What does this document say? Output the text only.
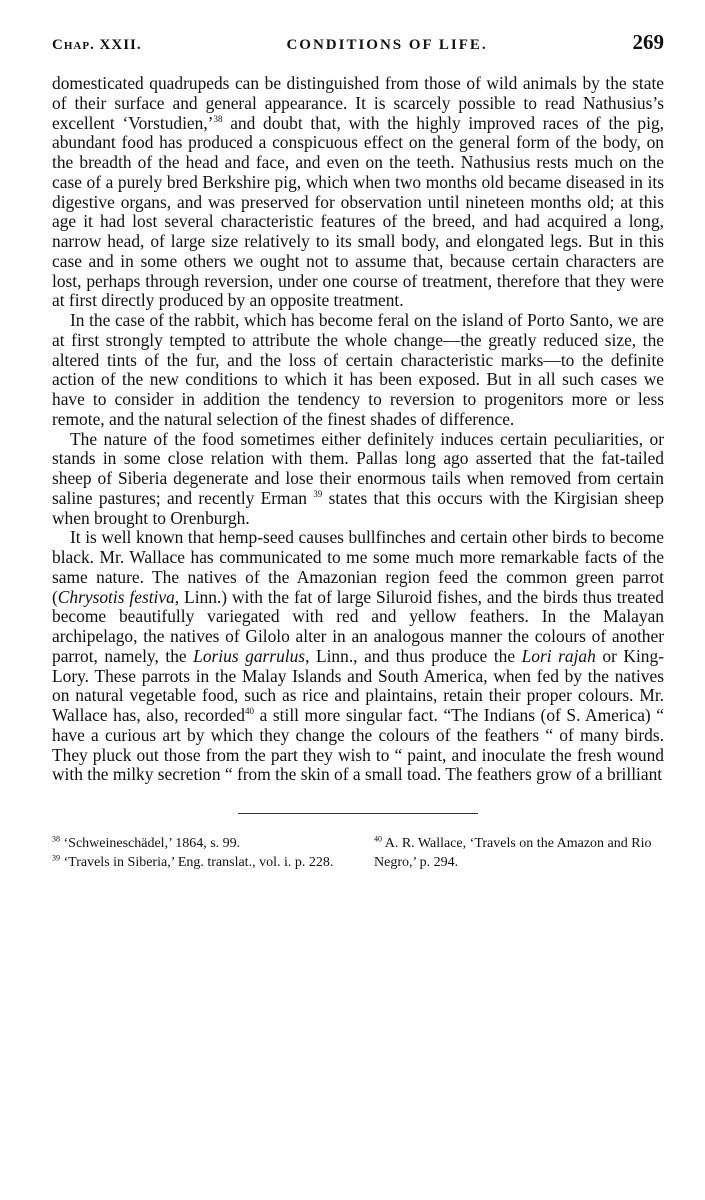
Chap. XXII.	CONDITIONS OF LIFE.	269

domesticated quadrupeds can be distinguished from those of wild animals by the state of their surface and general appearance. It is scarcely possible to read Nathusius’s excellent ‘Vorstudien,’$^{38}$ and doubt that, with the highly improved races of the pig, abundant food has produced a conspicuous effect on the general form of the body, on the breadth of the head and face, and even on the teeth. Nathusius rests much on the case of a purely bred Berkshire pig, which when two months old became diseased in its digestive organs, and was preserved for observation until nineteen months old; at this age it had lost several characteristic features of the breed, and had acquired a long, narrow head, of large size relatively to its small body, and elongated legs. But in this case and in some others we ought not to assume that, because certain characters are lost, perhaps through reversion, under one course of treatment, therefore that they were at first directly produced by an opposite treatment.

In the case of the rabbit, which has become feral on the island of Porto Santo, we are at first strongly tempted to attribute the whole change—the greatly reduced size, the altered tints of the fur, and the loss of certain characteristic marks—to the definite action of the new conditions to which it has been exposed. But in all such cases we have to consider in addition the tendency to reversion to progenitors more or less remote, and the natural selection of the finest shades of difference.

The nature of the food sometimes either definitely induces certain peculiarities, or stands in some close relation with them. Pallas long ago asserted that the fat-tailed sheep of Siberia degenerate and lose their enormous tails when removed from certain saline pastures; and recently Erman $^{39}$ states that this occurs with the Kirgisian sheep when brought to Orenburgh.

It is well known that hemp-seed causes bullfinches and certain other birds to become black. Mr. Wallace has communicated to me some much more remarkable facts of the same nature. The natives of the Amazonian region feed the common green parrot (Chrysotis festiva, Linn.) with the fat of large Siluroid fishes, and the birds thus treated become beautifully variegated with red and yellow feathers. In the Malayan archipelago, the natives of Gilolo alter in an analogous manner the colours of another parrot, namely, the Lorius garrulus, Linn., and thus produce the Lori rajah or King-Lory. These parrots in the Malay Islands and South America, when fed by the natives on natural vegetable food, such as rice and plaintains, retain their proper colours. Mr. Wallace has, also, recorded$^{40}$ a still more singular fact. “The Indians (of S. America) “ have a curious art by which they change the colours of the feathers “ of many birds. They pluck out those from the part they wish to “ paint, and inoculate the fresh wound with the milky secretion “ from the skin of a small toad. The feathers grow of a brilliant

$^{38}$ ‘Schweineschädel,’ 1864, s. 99.

$^{39}$ ‘Travels in Siberia,’ Eng. translat., vol. i. p. 228.

$^{40}$ A. R. Wallace, ‘Travels on the Amazon and Rio Negro,’ p. 294.
